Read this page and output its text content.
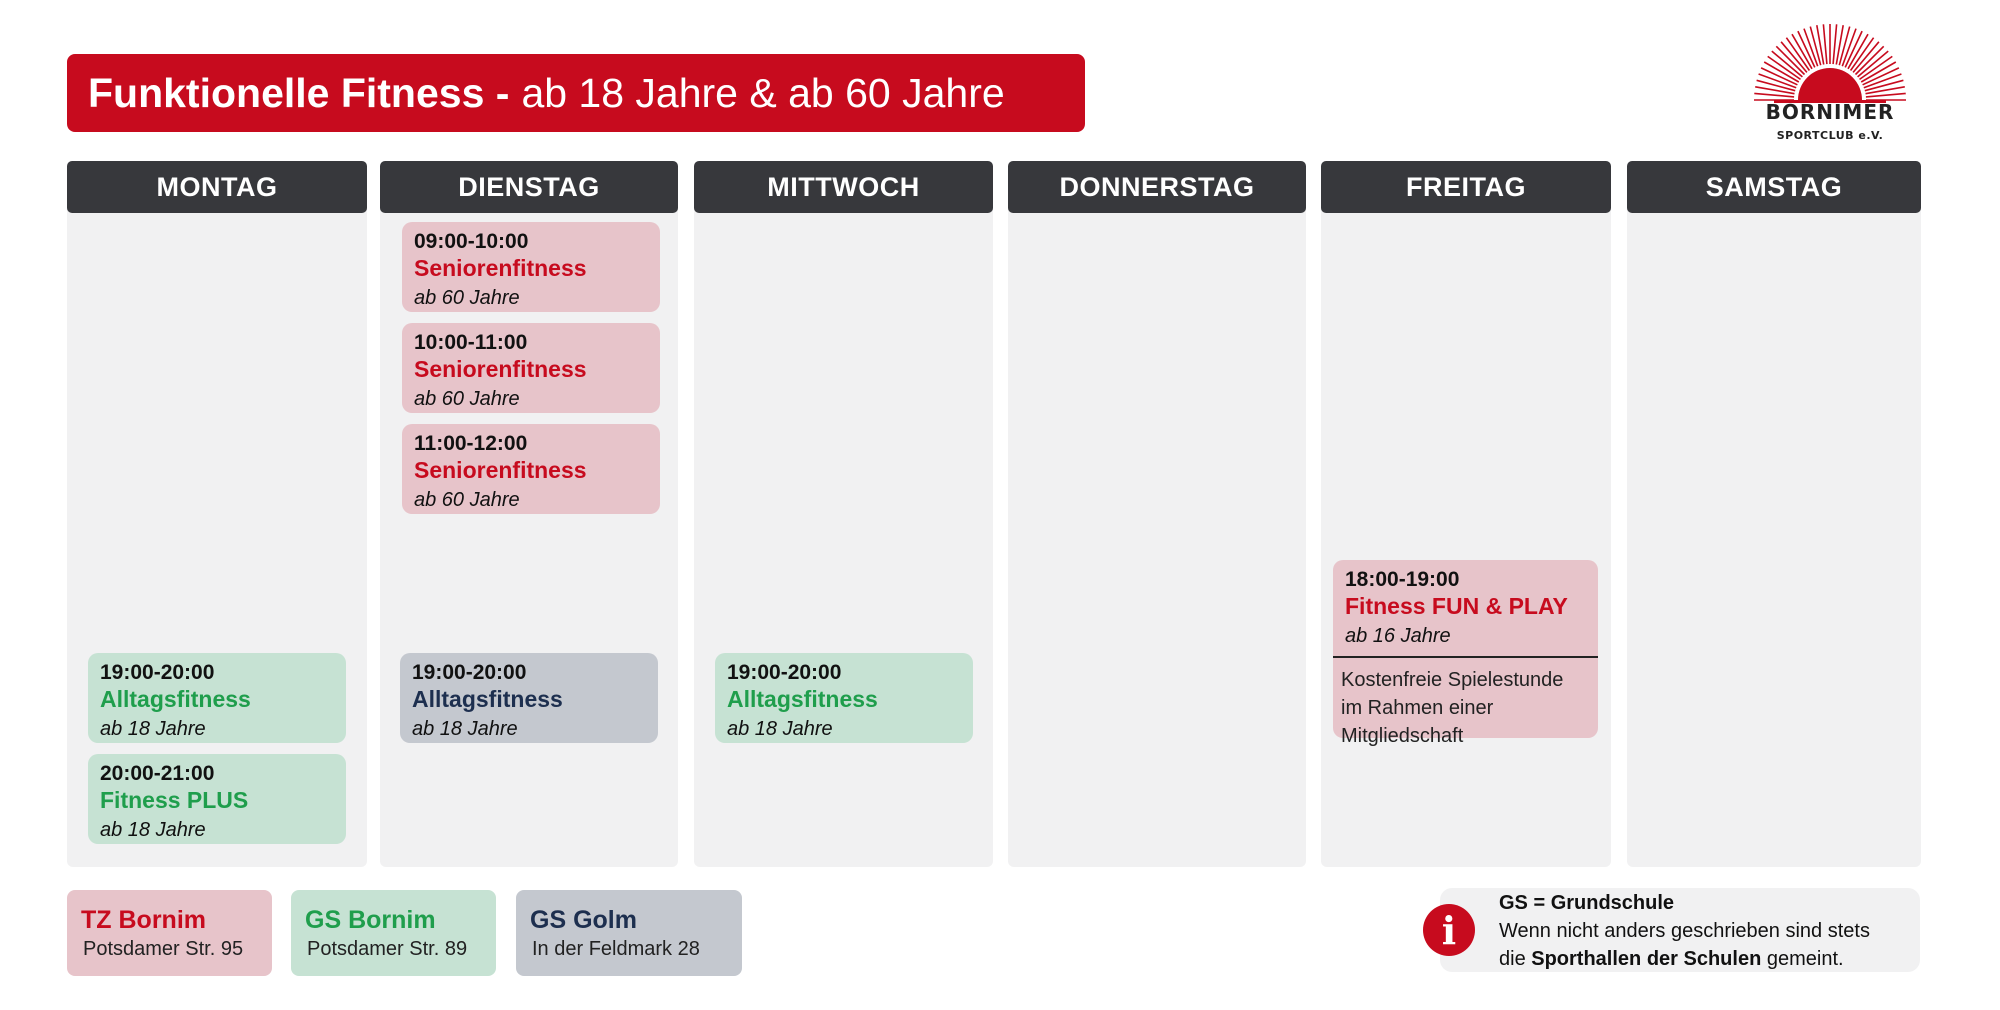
Funktionelle Fitness - ab 18 Jahre & ab 60 Jahre	BORNIMER
SPORTCLUB e.V.
MONTAG
19:00-20:00
Alltagsfitness
ab 18 Jahre
20:00-21:00
Fitness PLUS
ab 18 Jahre
DIENSTAG
09:00-10:00
Seniorenfitness
ab 60 Jahre
10:00-11:00
Seniorenfitness
ab 60 Jahre
11:00-12:00
Seniorenfitness
ab 60 Jahre
19:00-20:00
Alltagsfitness
ab 18 Jahre
MITTWOCH
19:00-20:00
Alltagsfitness
ab 18 Jahre
DONNERSTAG	FREITAG
18:00-19:00
Fitness FUN & PLAY
ab 16 Jahre
Kostenfreie Spielestunde
im Rahmen einer
Mitgliedschaft
SAMSTAG
TZ Bornim
Potsdamer Str. 95
GS Bornim
Potsdamer Str. 89
GS Golm
In der Feldmark 28	i
GS = Grundschule
Wenn nicht anders geschrieben sind stets
die Sporthallen der Schulen gemeint.
